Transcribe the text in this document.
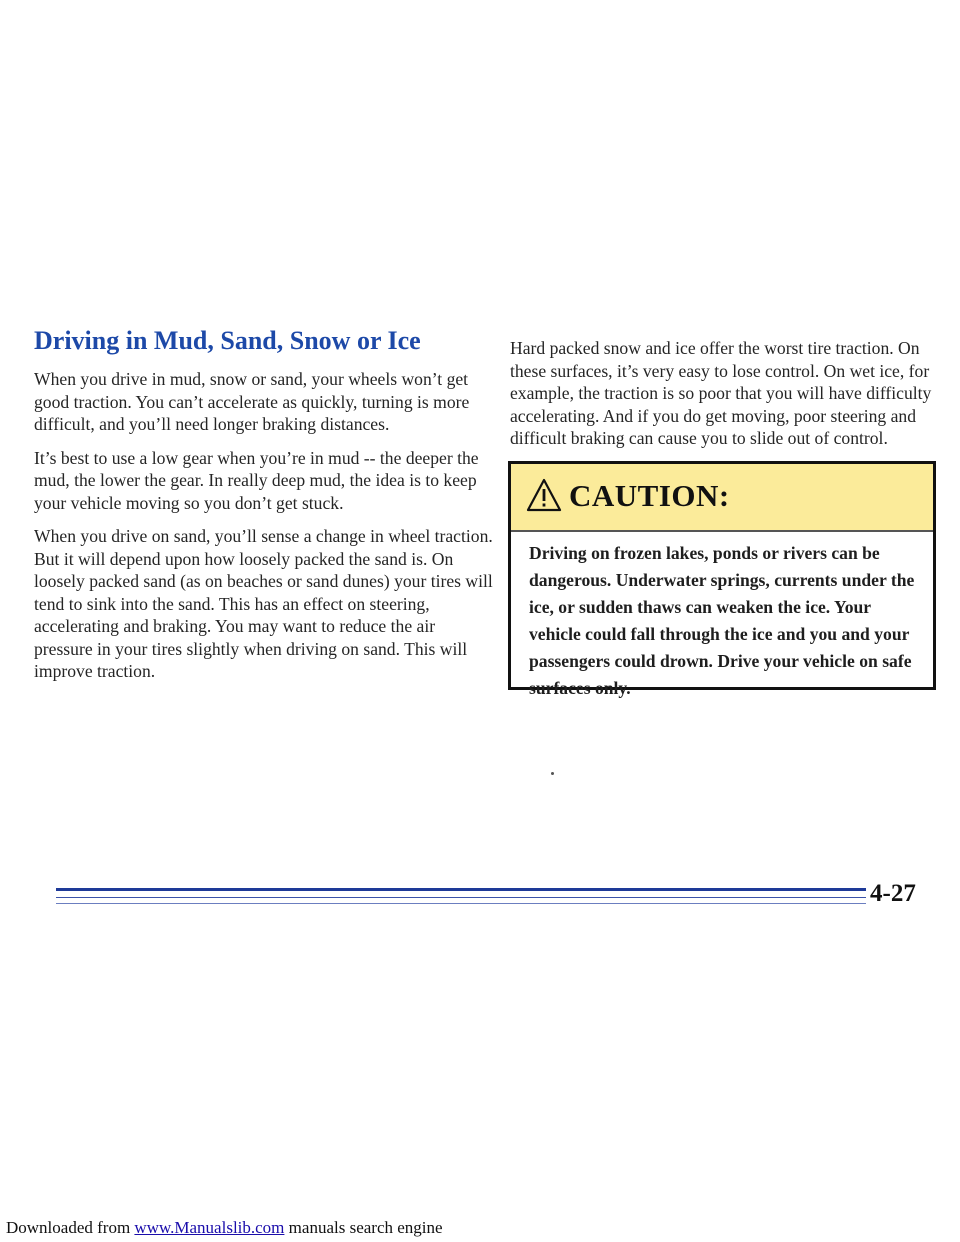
Driving in Mud, Sand, Snow or Ice

When you drive in mud, snow or sand, your wheels won’t get good traction. You can’t accelerate as quickly, turning is more difficult, and you’ll need longer braking distances.

It’s best to use a low gear when you’re in mud -- the deeper the mud, the lower the gear. In really deep mud, the idea is to keep your vehicle moving so you don’t get stuck.

When you drive on sand, you’ll sense a change in wheel traction. But it will depend upon how loosely packed the sand is. On loosely packed sand (as on beaches or sand dunes) your tires will tend to sink into the sand. This has an effect on steering, accelerating and braking. You may want to reduce the air pressure in your tires slightly when driving on sand. This will improve traction.

Hard packed snow and ice offer the worst tire traction. On these surfaces, it’s very easy to lose control. On wet ice, for example, the traction is so poor that you will have difficulty accelerating. And if you do get moving, poor steering and difficult braking can cause you to slide out of control.

CAUTION:
Driving on frozen lakes, ponds or rivers can be dangerous. Underwater springs, currents under the ice, or sudden thaws can weaken the ice. Your vehicle could fall through the ice and you and your passengers could drown. Drive your vehicle on safe surfaces only.
4-27
Downloaded from www.Manualslib.com manuals search engine
